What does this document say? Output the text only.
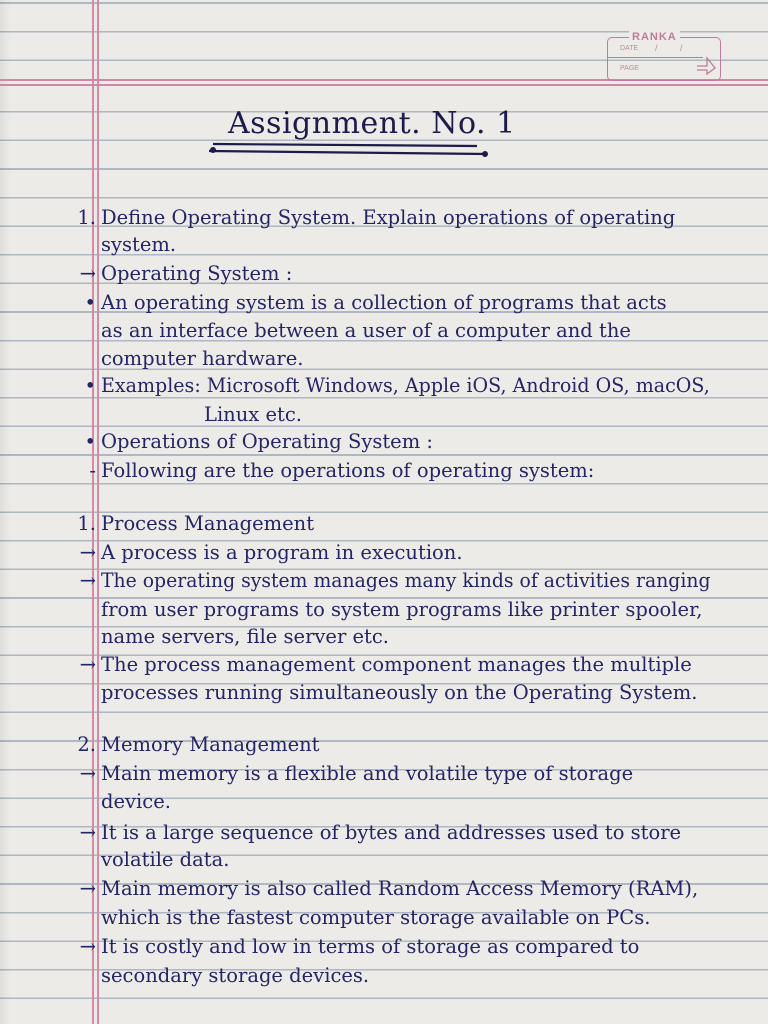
RANKA
DATE / /
PAGE
Assignment. No. 1
1. Define Operating System. Explain operations of operating
system.
→ Operating System :
• An operating system is a collection of programs that acts
as an interface between a user of a computer and the
computer hardware.
• Examples: Microsoft Windows, Apple iOS, Android OS, macOS,
Linux etc.
• Operations of Operating System :
- Following are the operations of operating system:
1. Process Management
→ A process is a program in execution.
→ The operating system manages many kinds of activities ranging
from user programs to system programs like printer spooler,
name servers, file server etc.
→ The process management component manages the multiple
processes running simultaneously on the Operating System.
2. Memory Management
→ Main memory is a flexible and volatile type of storage
device.
→ It is a large sequence of bytes and addresses used to store
volatile data.
→ Main memory is also called Random Access Memory (RAM),
which is the fastest computer storage available on PCs.
→ It is costly and low in terms of storage as compared to
secondary storage devices.
